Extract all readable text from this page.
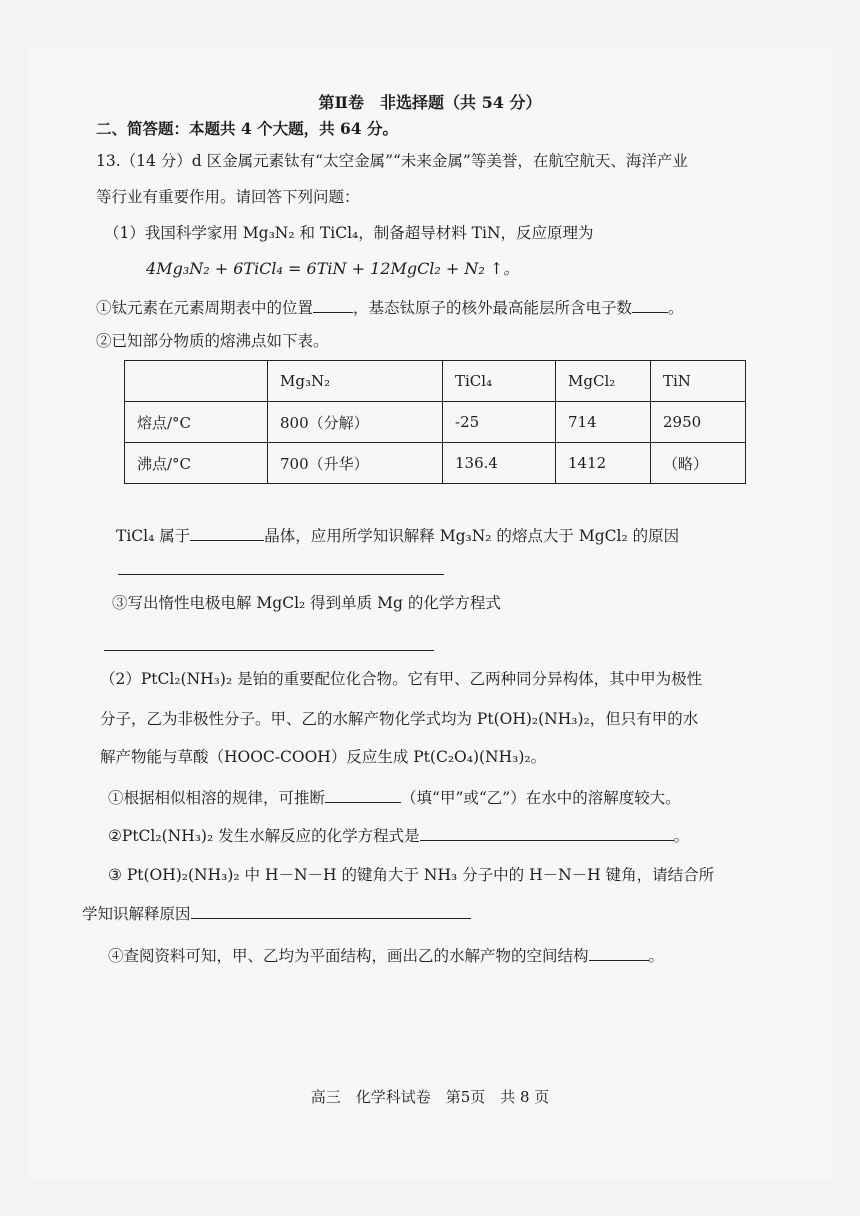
第Ⅱ卷　非选择题（共 54 分）
二、简答题：本题共 4 个大题，共 64 分。
13.（14 分）d 区金属元素钛有“太空金属”“未来金属”等美誉，在航空航天、海洋产业
等行业有重要作用。请回答下列问题：
（1）我国科学家用 Mg₃N₂ 和 TiCl₄，制备超导材料 TiN，反应原理为
4Mg₃N₂ + 6TiCl₄ = 6TiN + 12MgCl₂ + N₂ ↑。
①钛元素在元素周期表中的位置	，基态钛原子的核外最高能层所含电子数 。
②已知部分物质的熔沸点如下表。
	Mg₃N₂	TiCl₄	MgCl₂	TiN
熔点/°C	800（分解）	-25	714	2950
沸点/°C	700（升华）	136.4	1412	（略）
TiCl₄ 属于	晶体，应用所学知识解释 Mg₃N₂ 的熔点大于 MgCl₂ 的原因
③写出惰性电极电解 MgCl₂ 得到单质 Mg 的化学方程式
（2）PtCl₂(NH₃)₂ 是铂的重要配位化合物。它有甲、乙两种同分异构体，其中甲为极性
分子，乙为非极性分子。甲、乙的水解产物化学式均为 Pt(OH)₂(NH₃)₂，但只有甲的水
解产物能与草酸（HOOC-COOH）反应生成 Pt(C₂O₄)(NH₃)₂。
①根据相似相溶的规律，可推断	（填“甲”或“乙”）在水中的溶解度较大。
②PtCl₂(NH₃)₂ 发生水解反应的化学方程式是	。
③ Pt(OH)₂(NH₃)₂ 中 H－N－H 的键角大于 NH₃ 分子中的 H－N－H 键角，请结合所
学知识解释原因
④查阅资料可知，甲、乙均为平面结构，画出乙的水解产物的空间结构	。
高三　化学科试卷　第5页　共 8 页
